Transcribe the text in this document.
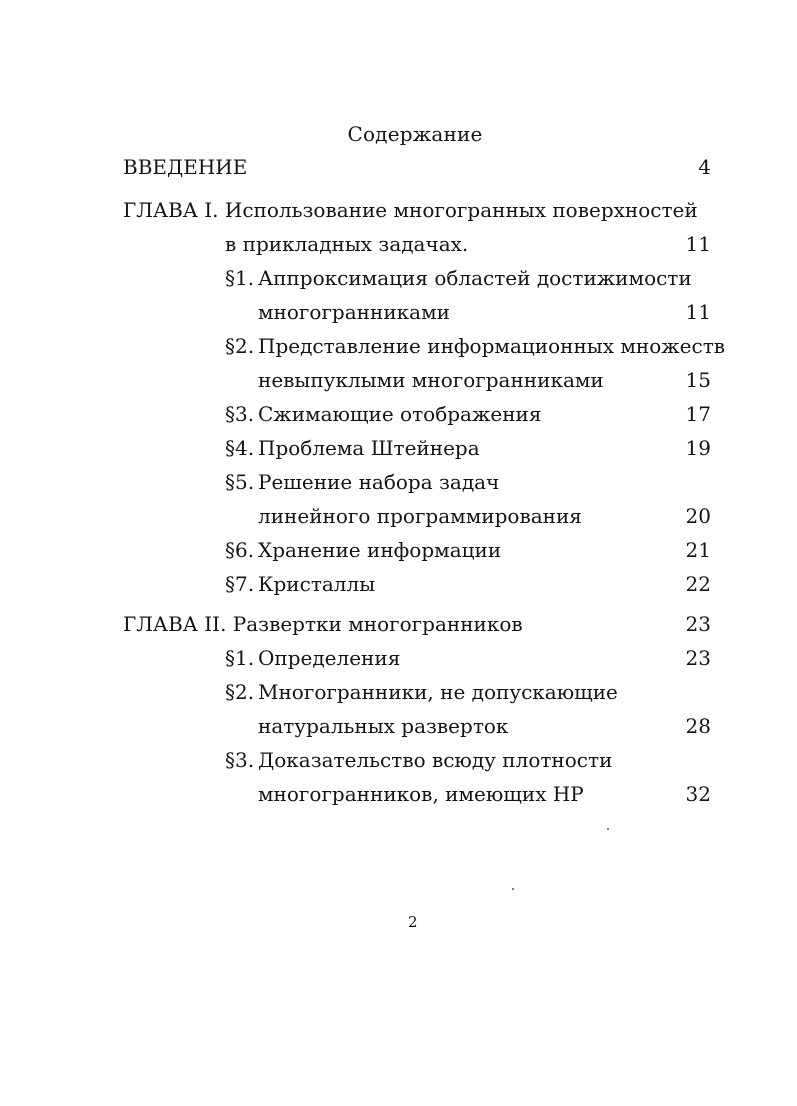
Содержание
ВВЕДЕНИЕ	4
ГЛАВА I. Использование многогранных поверхностей
в прикладных задачах.	11
§1. Аппроксимация областей достижимости
многогранниками	11
§2. Представление информационных множеств
невыпуклыми многогранниками	15
§3. Сжимающие отображения	17
§4. Проблема Штейнера	19
§5. Решение набора задач
линейного программирования	20
§6. Хранение информации	21
§7. Кристаллы	22
ГЛАВА II. Развертки многогранников	23
§1. Определения	23
§2. Многогранники, не допускающие
натуральных разверток	28
§3. Доказательство всюду плотности
многогранников, имеющих НР	32
2
